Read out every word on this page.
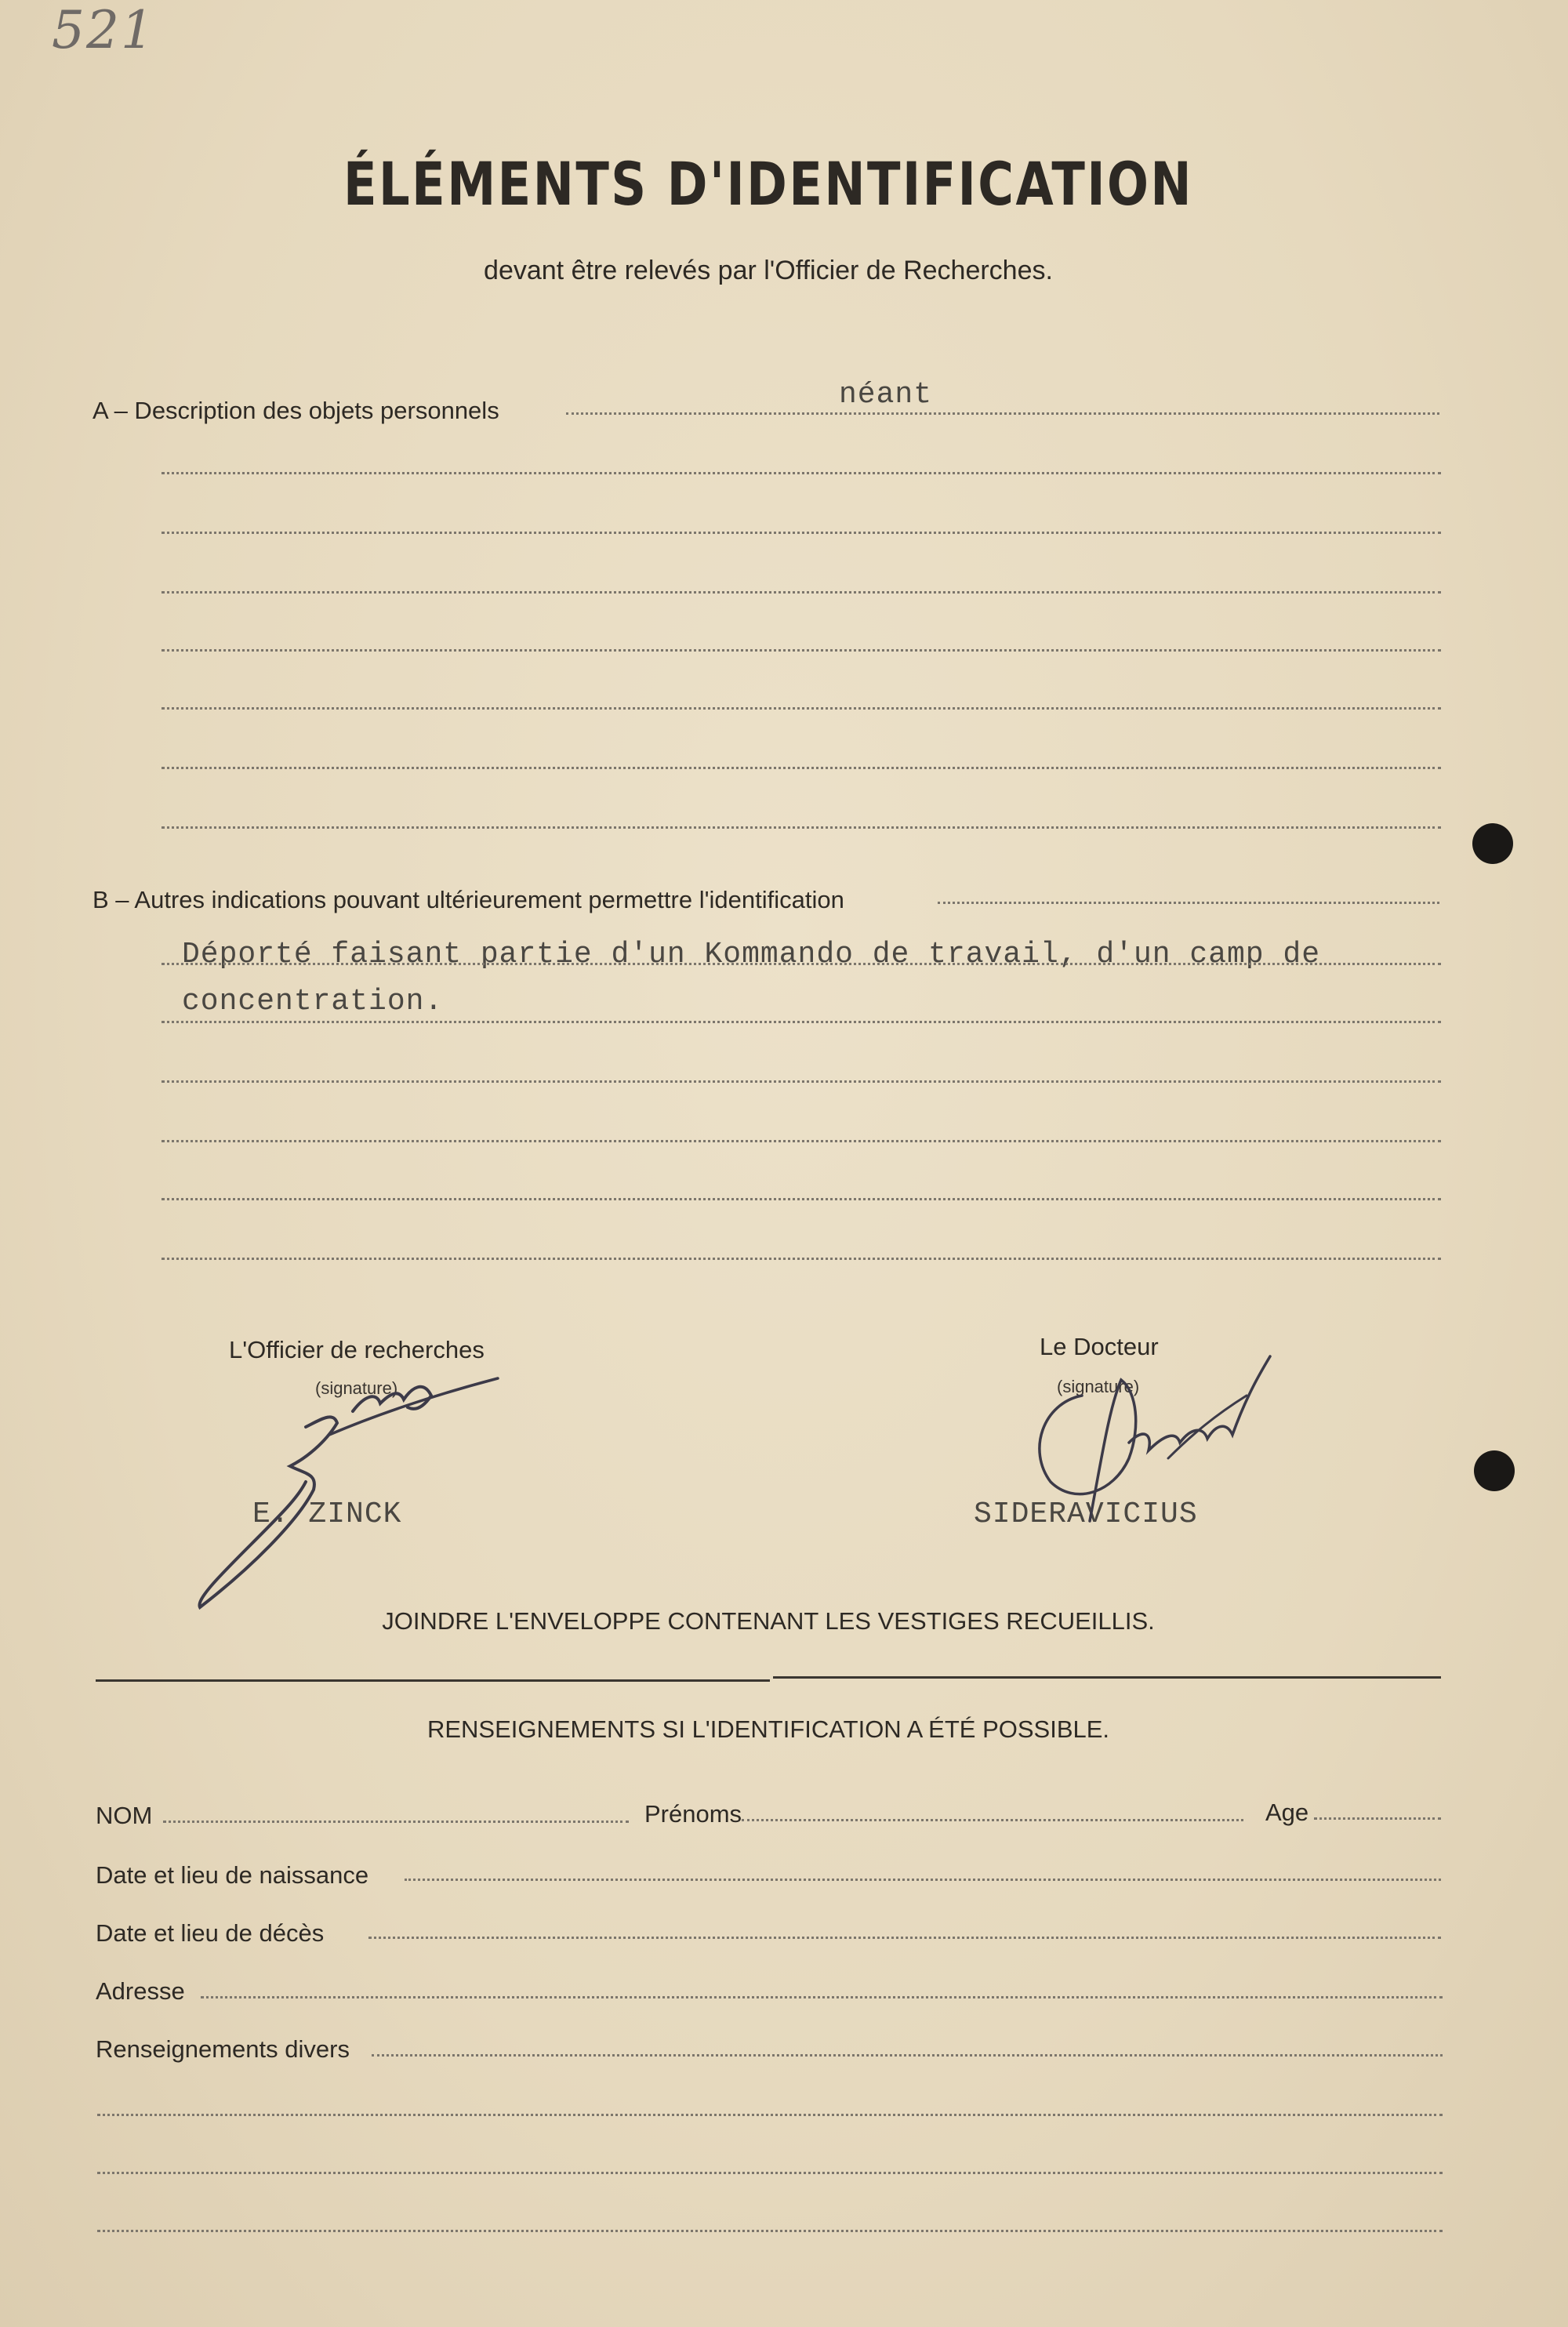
521
ÉLÉMENTS D'IDENTIFICATION
devant être relevés par l'Officier de Recherches.
A – Description des objets personnels	néant
B – Autres indications pouvant ultérieurement permettre l'identification
Déporté faisant partie d'un Kommando de travail, d'un camp de
concentration.
L'Officier de recherches
(signature)
E. ZINCK
Le Docteur
(signature)
SIDERAVICIUS
JOINDRE L'ENVELOPPE CONTENANT LES VESTIGES RECUEILLIS.
RENSEIGNEMENTS SI L'IDENTIFICATION A ÉTÉ POSSIBLE.
NOM	Prénoms	Age
Date et lieu de naissance
Date et lieu de décès
Adresse
Renseignements divers
